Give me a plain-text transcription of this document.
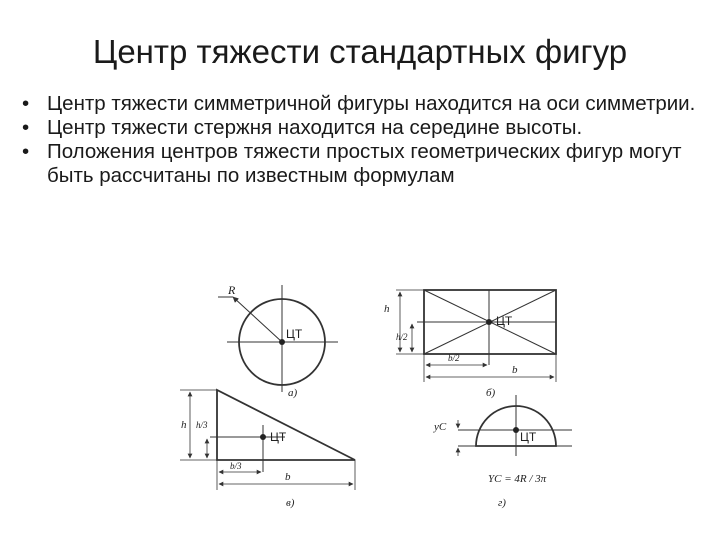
Центр тяжести стандартных фигур
• Центр тяжести симметричной фигуры находится на оси симметрии.
• Центр тяжести стержня находится на середине высоты.
• Положения центров тяжести простых геометрических фигур могут быть рассчитаны по известным формулам
R
ЦТ
а)
h
h/2
ЦТ
b/2
b
б)
h h/3
ЦТ
b/3
b
в)
yC
ЦТ
YC = 4R / 3π
г)
